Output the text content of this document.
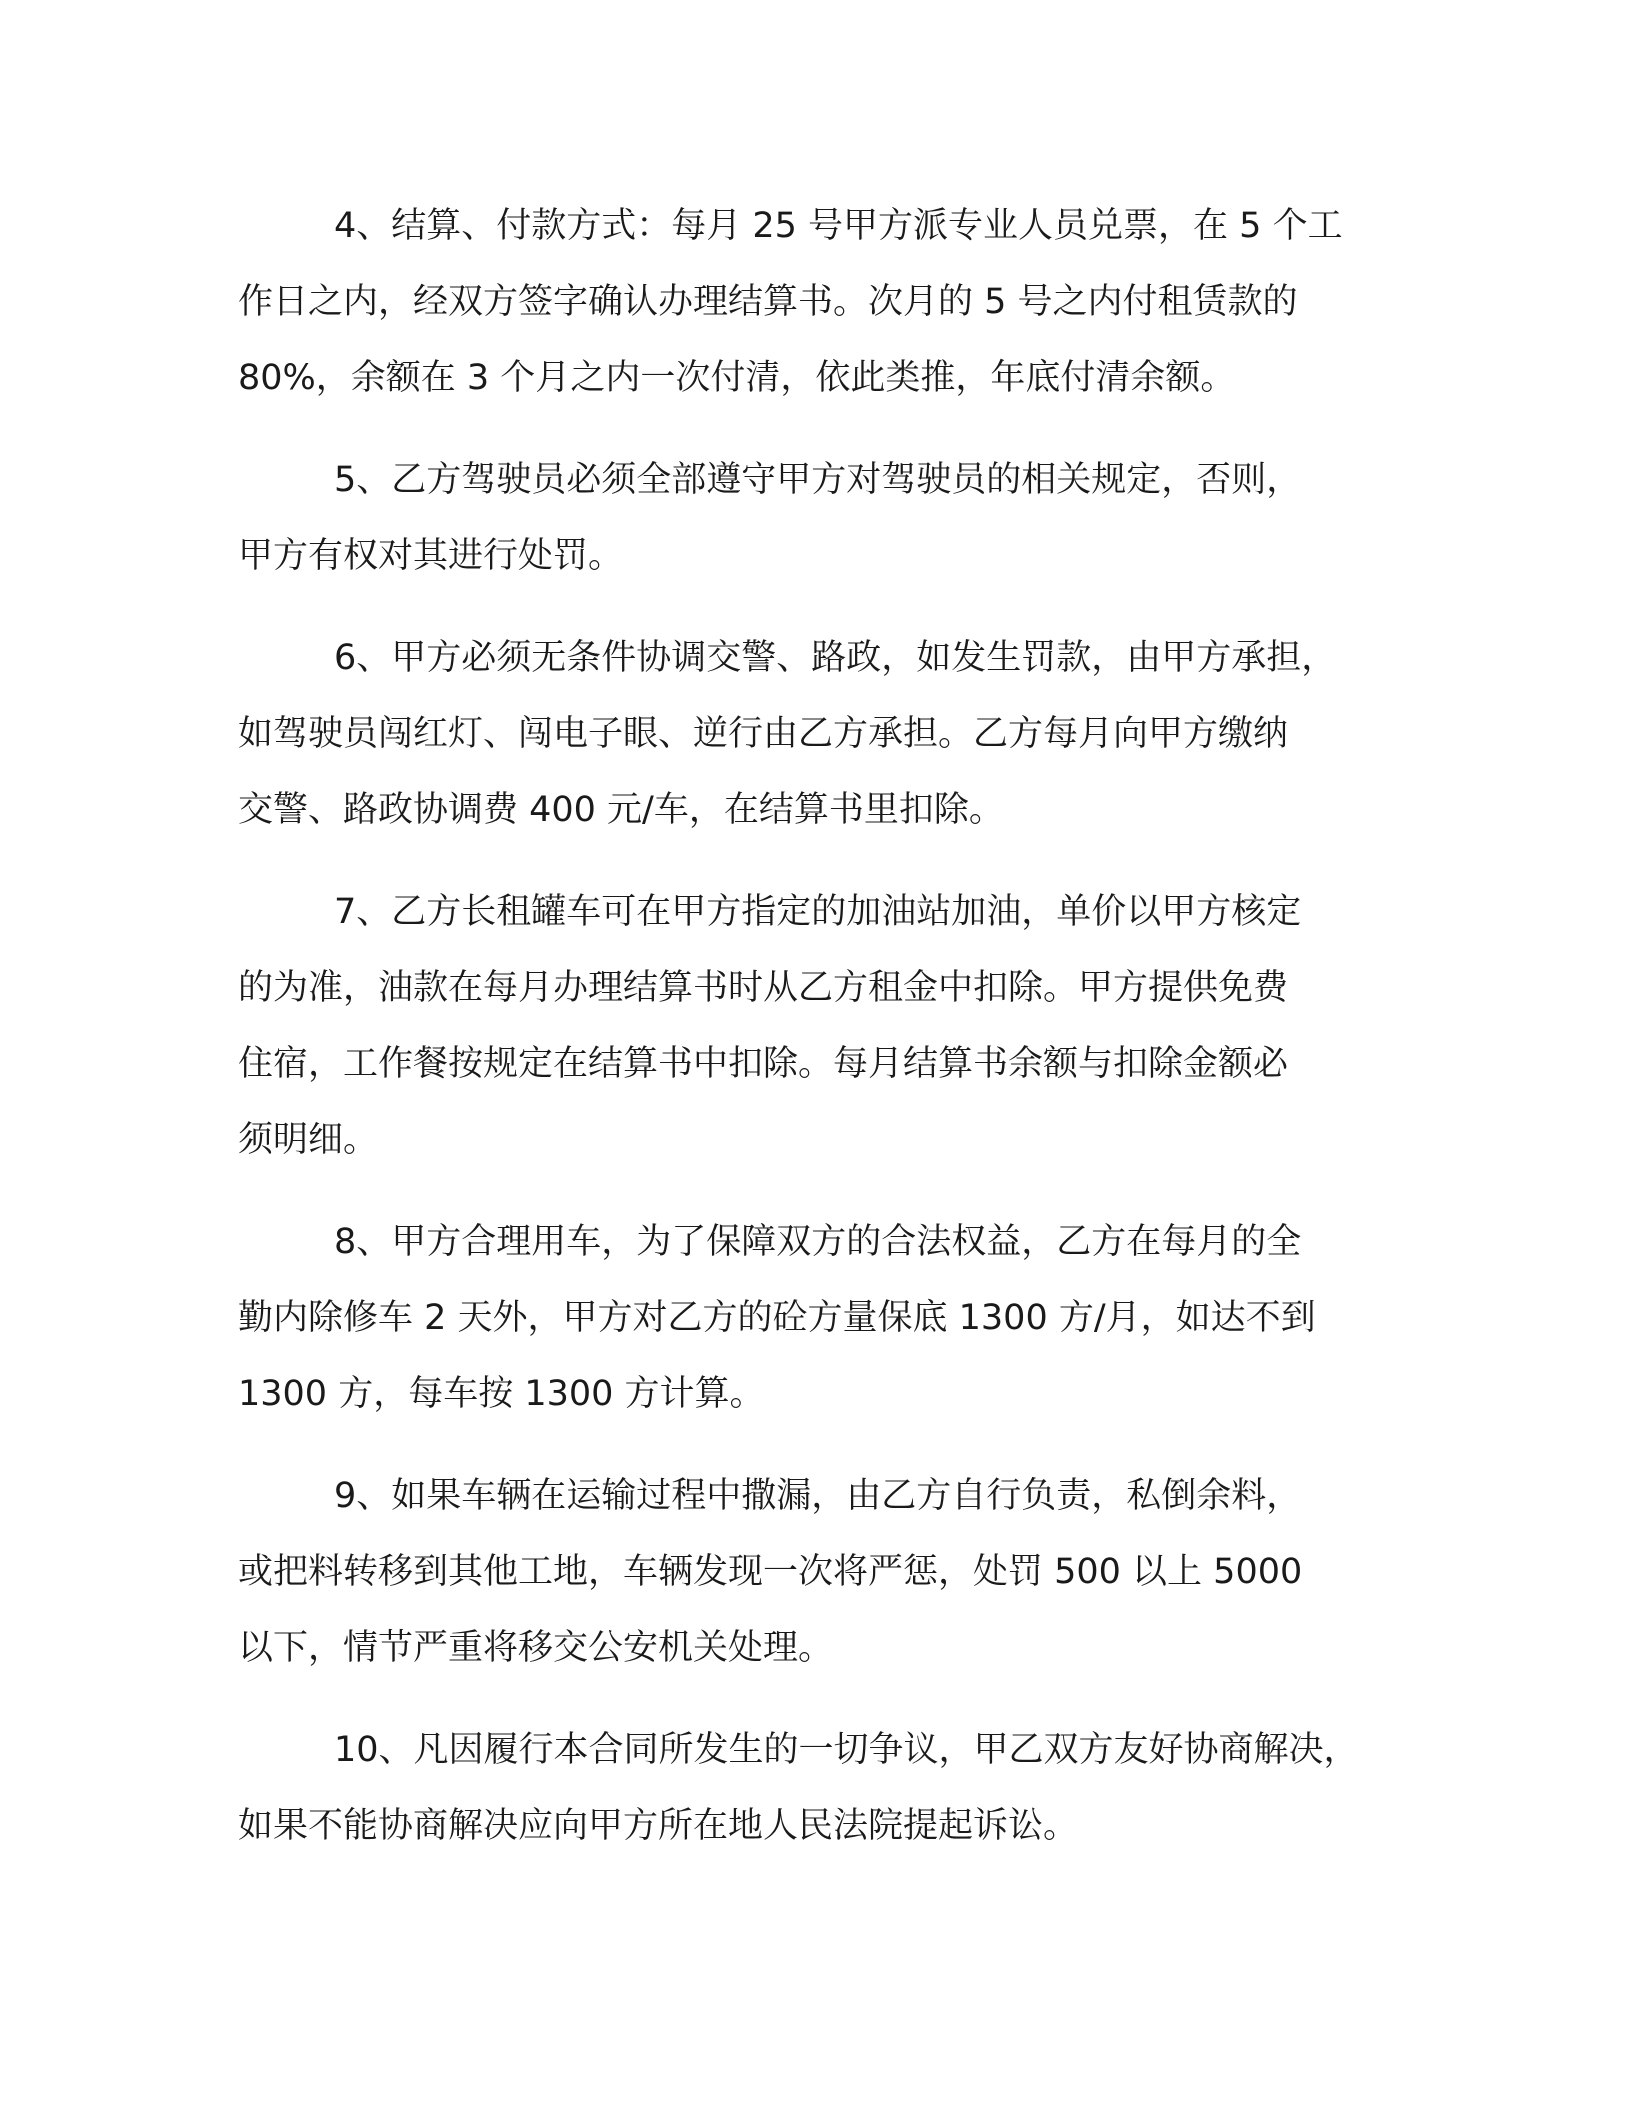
4、结算、付款方式：每月 25 号甲方派专业人员兑票，在 5 个工
作日之内，经双方签字确认办理结算书。次月的 5 号之内付租赁款的
80%，余额在 3 个月之内一次付清，依此类推，年底付清余额。
5、乙方驾驶员必须全部遵守甲方对驾驶员的相关规定，否则，
甲方有权对其进行处罚。
6、甲方必须无条件协调交警、路政，如发生罚款，由甲方承担，
如驾驶员闯红灯、闯电子眼、逆行由乙方承担。乙方每月向甲方缴纳
交警、路政协调费 400 元/车，在结算书里扣除。
7、乙方长租罐车可在甲方指定的加油站加油，单价以甲方核定
的为准，油款在每月办理结算书时从乙方租金中扣除。甲方提供免费
住宿，工作餐按规定在结算书中扣除。每月结算书余额与扣除金额必
须明细。
8、甲方合理用车，为了保障双方的合法权益，乙方在每月的全
勤内除修车 2 天外，甲方对乙方的砼方量保底 1300 方/月，如达不到
1300 方，每车按 1300 方计算。
9、如果车辆在运输过程中撒漏，由乙方自行负责，私倒余料，
或把料转移到其他工地，车辆发现一次将严惩，处罚 500 以上 5000
以下，情节严重将移交公安机关处理。
10、凡因履行本合同所发生的一切争议，甲乙双方友好协商解决，
如果不能协商解决应向甲方所在地人民法院提起诉讼。
